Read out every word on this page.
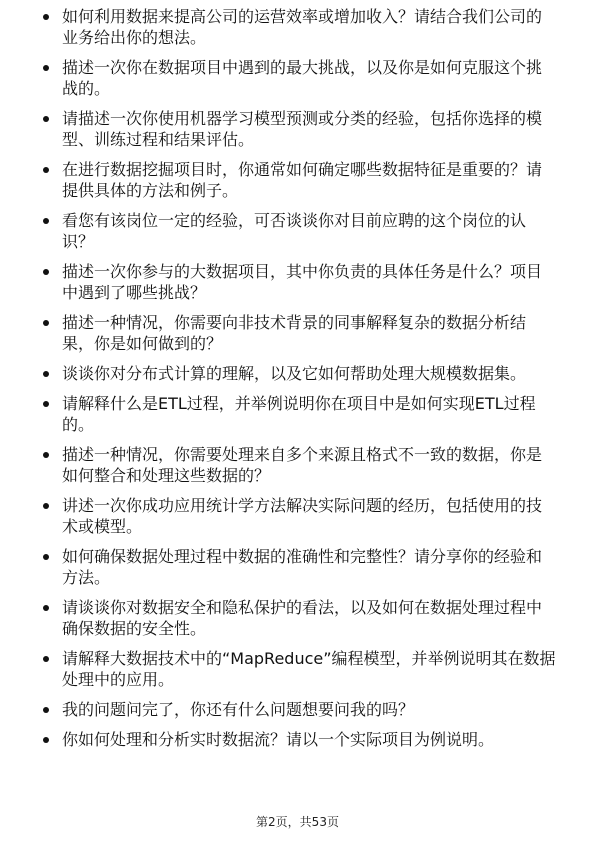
如何利用数据来提高公司的运营效率或增加收入？请结合我们公司的业务给出你的想法。
描述一次你在数据项目中遇到的最大挑战，以及你是如何克服这个挑战的。
请描述一次你使用机器学习模型预测或分类的经验，包括你选择的模型、训练过程和结果评估。
在进行数据挖掘项目时，你通常如何确定哪些数据特征是重要的？请提供具体的方法和例子。
看您有该岗位一定的经验，可否谈谈你对目前应聘的这个岗位的认识？
描述一次你参与的大数据项目，其中你负责的具体任务是什么？项目中遇到了哪些挑战？
描述一种情况，你需要向非技术背景的同事解释复杂的数据分析结果，你是如何做到的？
谈谈你对分布式计算的理解，以及它如何帮助处理大规模数据集。
请解释什么是ETL过程，并举例说明你在项目中是如何实现ETL过程的。
描述一种情况，你需要处理来自多个来源且格式不一致的数据，你是如何整合和处理这些数据的？
讲述一次你成功应用统计学方法解决实际问题的经历，包括使用的技术或模型。
如何确保数据处理过程中数据的准确性和完整性？请分享你的经验和方法。
请谈谈你对数据安全和隐私保护的看法，以及如何在数据处理过程中确保数据的安全性。
请解释大数据技术中的“MapReduce”编程模型，并举例说明其在数据处理中的应用。
我的问题问完了，你还有什么问题想要问我的吗？
你如何处理和分析实时数据流？请以一个实际项目为例说明。
第2页，共53页
